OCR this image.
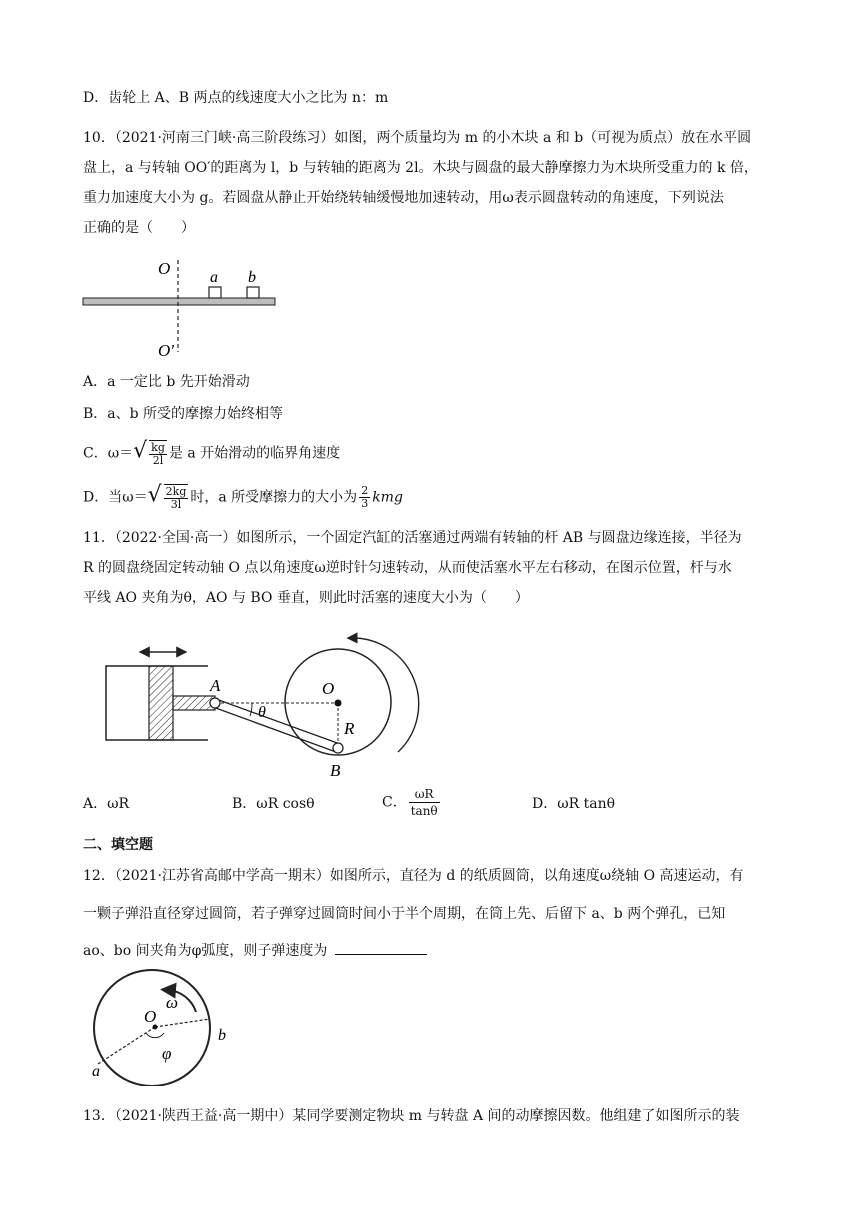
D．齿轮上 A、B 两点的线速度大小之比为 n：m
10．（2021·河南三门峡·高三阶段练习）如图，两个质量均为 m 的小木块 a 和 b（可视为质点）放在水平圆
盘上，a 与转轴 OO′的距离为 l，b 与转轴的距离为 2l。木块与圆盘的最大静摩擦力为木块所受重力的 k 倍，
重力加速度大小为 g。若圆盘从静止开始绕转轴缓慢地加速转动，用ω表示圆盘转动的角速度，下列说法
正确的是（　　）
O
O′
a b
A．a 一定比 b 先开始滑动
B．a、b 所受的摩擦力始终相等
C．$\omega=√ \frac{kg}{2l}$ 是 a 开始滑动的临界角速度
D．当$\omega=√ \frac{2kg}{3l}$ 时，a 所受摩擦力的大小为 $\frac{2}{3}$ kmg
11．（2022·全国·高一）如图所示，一个固定汽缸的活塞通过两端有转轴的杆 AB 与圆盘边缘连接，半径为
R 的圆盘绕固定转动轴 O 点以角速度ω逆时针匀速转动，从而使活塞水平左右移动，在图示位置，杆与水
平线 AO 夹角为θ，AO 与 BO 垂直，则此时活塞的速度大小为（　　）
A	O
R
B
θ
A．ωR	B．ωR cosθ	C． $\frac{\omega R}{\tan\theta}$	D．ωR tanθ
二、填空题
12．（2021·江苏省高邮中学高一期末）如图所示，直径为 d 的纸质圆筒，以角速度ω绕轴 O 高速运动，有
一颗子弹沿直径穿过圆筒，若子弹穿过圆筒时间小于半个周期，在筒上先、后留下 a、b 两个弹孔，已知
ao、bo 间夹角为φ弧度，则子弹速度为
O
ω
φ
a
b
13．（2021·陕西王益·高一期中）某同学要测定物块 m 与转盘 A 间的动摩擦因数。他组建了如图所示的装
